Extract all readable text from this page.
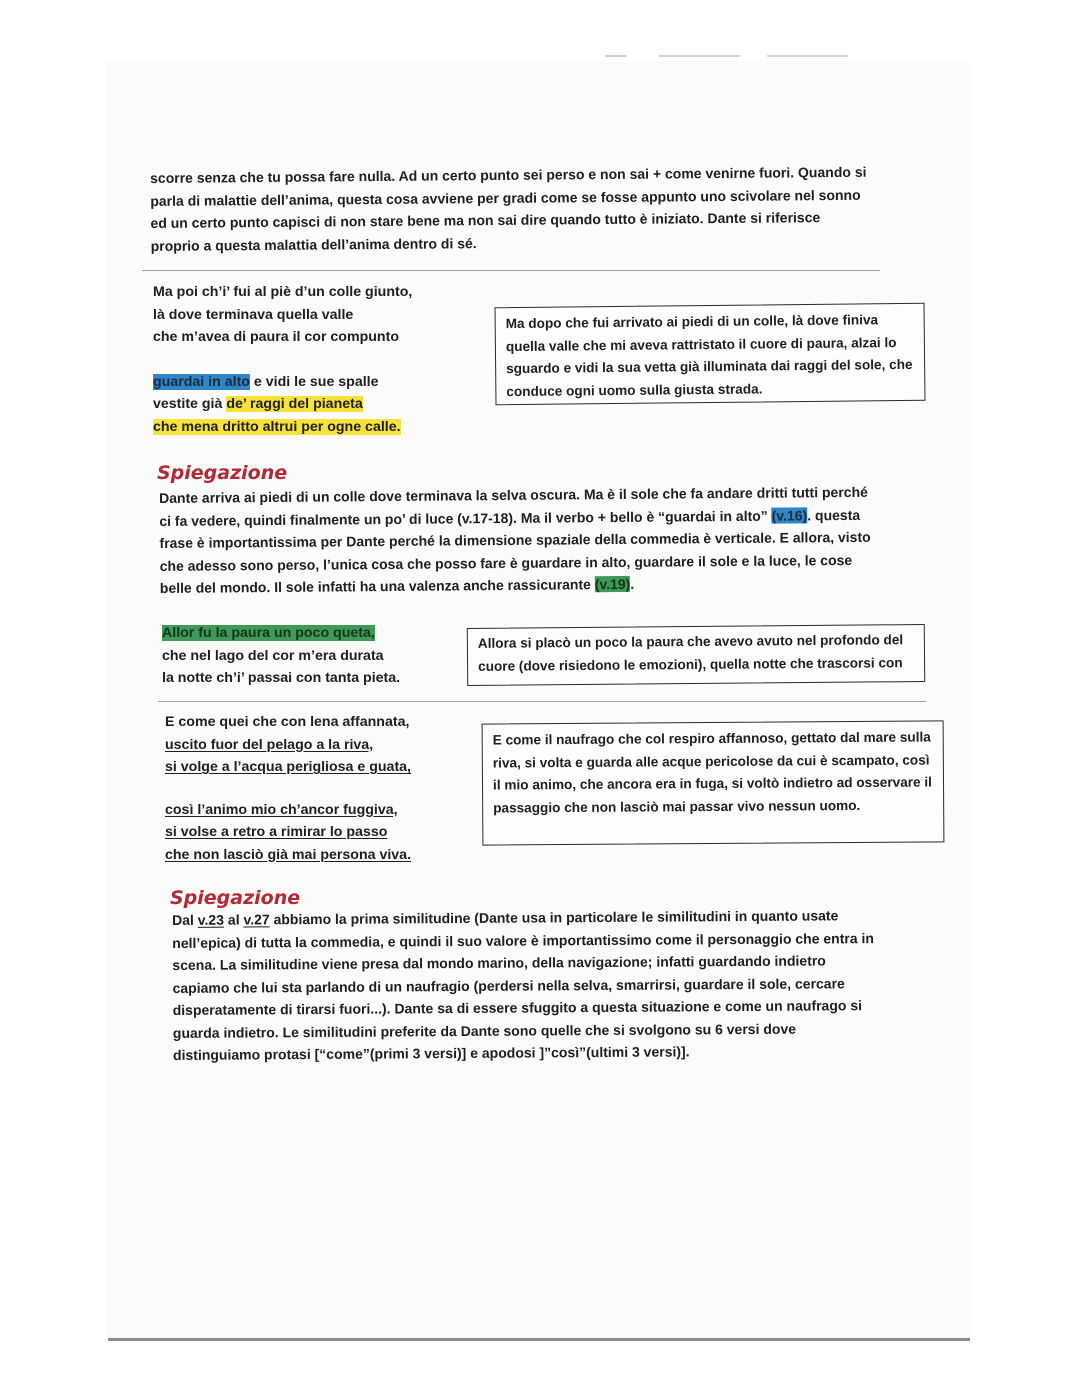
scorre senza che tu possa fare nulla. Ad un certo punto sei perso e non sai + come venirne fuori. Quando si parla di malattie dell’anima, questa cosa avviene per gradi come se fosse appunto uno scivolare nel sonno ed un certo punto capisci di non stare bene ma non sai dire quando tutto è iniziato. Dante si riferisce proprio a questa malattia dell’anima dentro di sé.
Ma poi ch’i’ fui al piè d’un colle giunto,
là dove terminava quella valle
che m’avea di paura il cor compunto
guardai in alto e vidi le sue spalle
vestite già de’ raggi del pianeta
che mena dritto altrui per ogne calle.
Ma dopo che fui arrivato ai piedi di un colle, là dove finiva quella valle che mi aveva rattristato il cuore di paura, alzai lo sguardo e vidi la sua vetta già illuminata dai raggi del sole, che conduce ogni uomo sulla giusta strada.
Spiegazione
Dante arriva ai piedi di un colle dove terminava la selva oscura. Ma è il sole che fa andare dritti tutti perché ci fa vedere, quindi finalmente un po’ di luce (v.17-18). Ma il verbo + bello è “guardai in alto” (v.16). questa frase è importantissima per Dante perché la dimensione spaziale della commedia è verticale. E allora, visto che adesso sono perso, l’unica cosa che posso fare è guardare in alto, guardare il sole e la luce, le cose belle del mondo. Il sole infatti ha una valenza anche rassicurante (v.19).
Allor fu la paura un poco queta,
che nel lago del cor m’era durata
la notte ch’i’ passai con tanta pieta.
Allora si placò un poco la paura che avevo avuto nel profondo del cuore (dove risiedono le emozioni), quella notte che trascorsi con
E come quei che con lena affannata,
uscito fuor del pelago a la riva,
si volge a l’acqua perigliosa e guata,
così l’animo mio ch’ancor fuggiva,
si volse a retro a rimirar lo passo
che non lasciò già mai persona viva.
E come il naufrago che col respiro affannoso, gettato dal mare sulla riva, si volta e guarda alle acque pericolose da cui è scampato, così il mio animo, che ancora era in fuga, si voltò indietro ad osservare il passaggio che non lasciò mai passar vivo nessun uomo.
Spiegazione
Dal v.23 al v.27 abbiamo la prima similitudine (Dante usa in particolare le similitudini in quanto usate nell’epica) di tutta la commedia, e quindi il suo valore è importantissimo come il personaggio che entra in scena. La similitudine viene presa dal mondo marino, della navigazione; infatti guardando indietro capiamo che lui sta parlando di un naufragio (perdersi nella selva, smarrirsi, guardare il sole, cercare disperatamente di tirarsi fuori...). Dante sa di essere sfuggito a questa situazione e come un naufrago si guarda indietro. Le similitudini preferite da Dante sono quelle che si svolgono su 6 versi dove distinguiamo protasi [“come”(primi 3 versi)] e apodosi ]”così”(ultimi 3 versi)].
